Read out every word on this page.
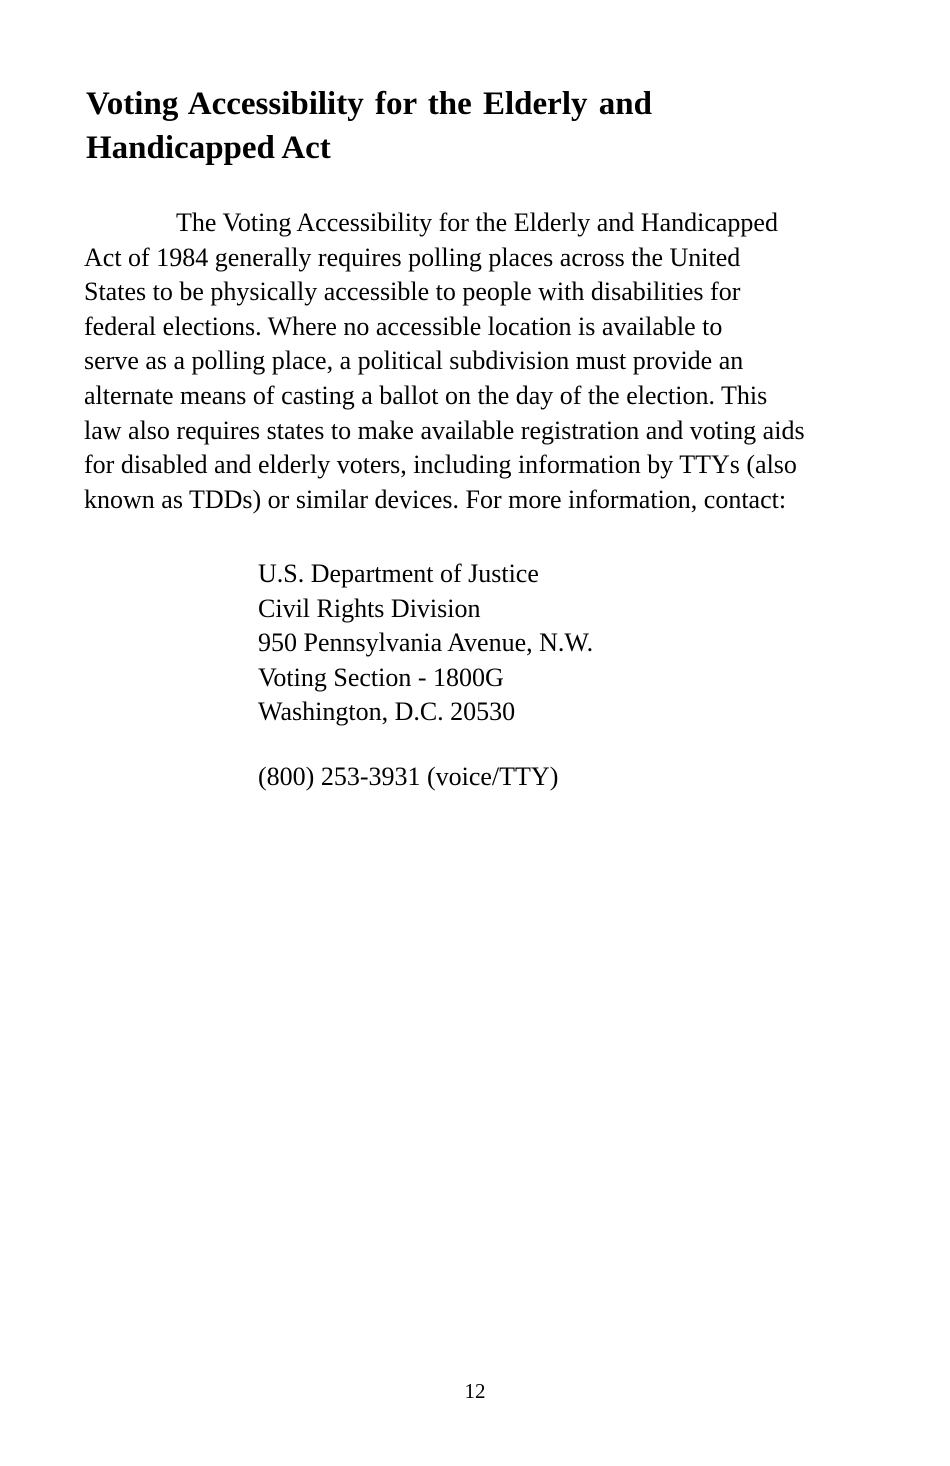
Voting Accessibility for the Elderly and
Handicapped Act
The Voting Accessibility for the Elderly and Handicapped
Act of 1984 generally requires polling places across the United
States to be physically accessible to people with disabilities for
federal elections. Where no accessible location is available to
serve as a polling place, a political subdivision must provide an
alternate means of casting a ballot on the day of the election. This
law also requires states to make available registration and voting aids
for disabled and elderly voters, including information by TTYs (also
known as TDDs) or similar devices. For more information, contact:
U.S. Department of Justice
Civil Rights Division
950 Pennsylvania Avenue, N.W.
Voting Section - 1800G
Washington, D.C. 20530
(800) 253-3931 (voice/TTY)
12
